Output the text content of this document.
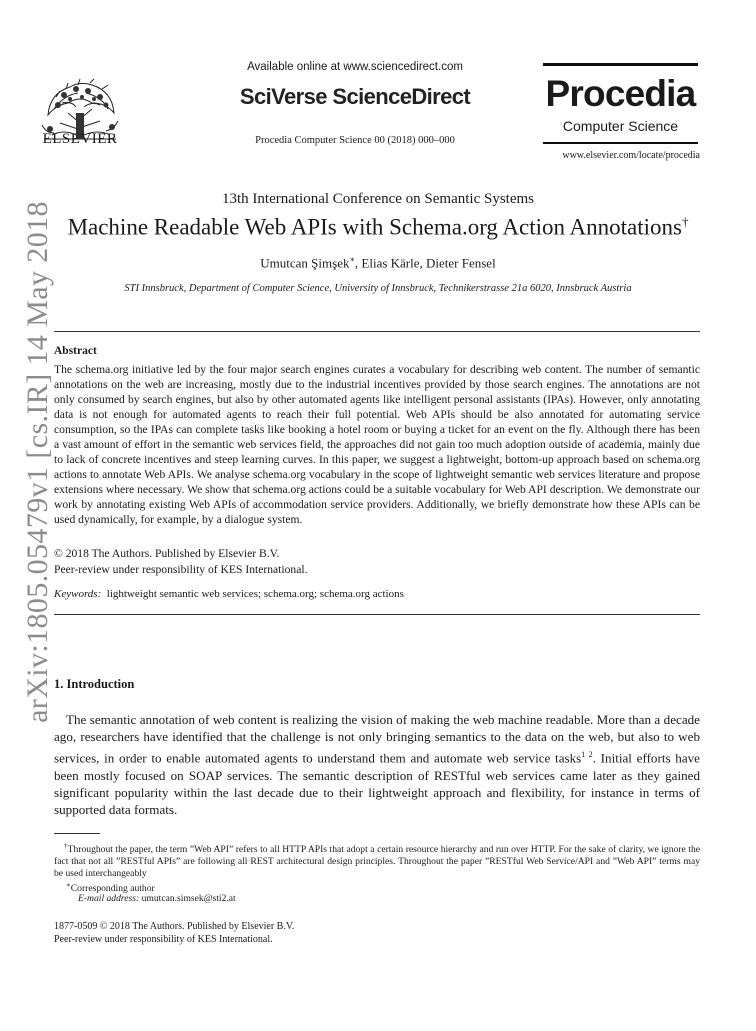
arXiv:1805.05479v1 [cs.IR] 14 May 2018
ELSEVIER
Available online at www.sciencedirect.com
SciVerse ScienceDirect
Procedia Computer Science 00 (2018) 000–000
Procedia
Computer Science
www.elsevier.com/locate/procedia
13th International Conference on Semantic Systems
Machine Readable Web APIs with Schema.org Action Annotations†
Umutcan Şimşek∗, Elias Kärle, Dieter Fensel
STI Innsbruck, Department of Computer Science, University of Innsbruck, Technikerstrasse 21a 6020, Innsbruck Austria
Abstract
The schema.org initiative led by the four major search engines curates a vocabulary for describing web content. The number of semantic annotations on the web are increasing, mostly due to the industrial incentives provided by those search engines. The annotations are not only consumed by search engines, but also by other automated agents like intelligent personal assistants (IPAs). However, only annotating data is not enough for automated agents to reach their full potential. Web APIs should be also annotated for automating service consumption, so the IPAs can complete tasks like booking a hotel room or buying a ticket for an event on the fly. Although there has been a vast amount of effort in the semantic web services field, the approaches did not gain too much adoption outside of academia, mainly due to lack of concrete incentives and steep learning curves. In this paper, we suggest a lightweight, bottom-up approach based on schema.org actions to annotate Web APIs. We analyse schema.org vocabulary in the scope of lightweight semantic web services literature and propose extensions where necessary. We show that schema.org actions could be a suitable vocabulary for Web API description. We demonstrate our work by annotating existing Web APIs of accommodation service providers. Additionally, we briefly demonstrate how these APIs can be used dynamically, for example, by a dialogue system.
© 2018 The Authors. Published by Elsevier B.V.
Peer-review under responsibility of KES International.
Keywords: lightweight semantic web services; schema.org; schema.org actions
1. Introduction
The semantic annotation of web content is realizing the vision of making the web machine readable. More than a decade ago, researchers have identified that the challenge is not only bringing semantics to the data on the web, but also to web services, in order to enable automated agents to understand them and automate web service tasks$^{1 2}$. Initial efforts have been mostly focused on SOAP services. The semantic description of RESTful web services came later as they gained significant popularity within the last decade due to their lightweight approach and flexibility, for instance in terms of supported data formats.
†Throughout the paper, the term ”Web API” refers to all HTTP APIs that adopt a certain resource hierarchy and run over HTTP. For the sake of clarity, we ignore the fact that not all ”RESTful APIs” are following all REST architectural design principles. Throughout the paper ”RESTful Web Service/API and ”Web API” terms may be used interchangeably
∗Corresponding author
E-mail address: umutcan.simsek@sti2.at
1877-0509 © 2018 The Authors. Published by Elsevier B.V.
Peer-review under responsibility of KES International.
